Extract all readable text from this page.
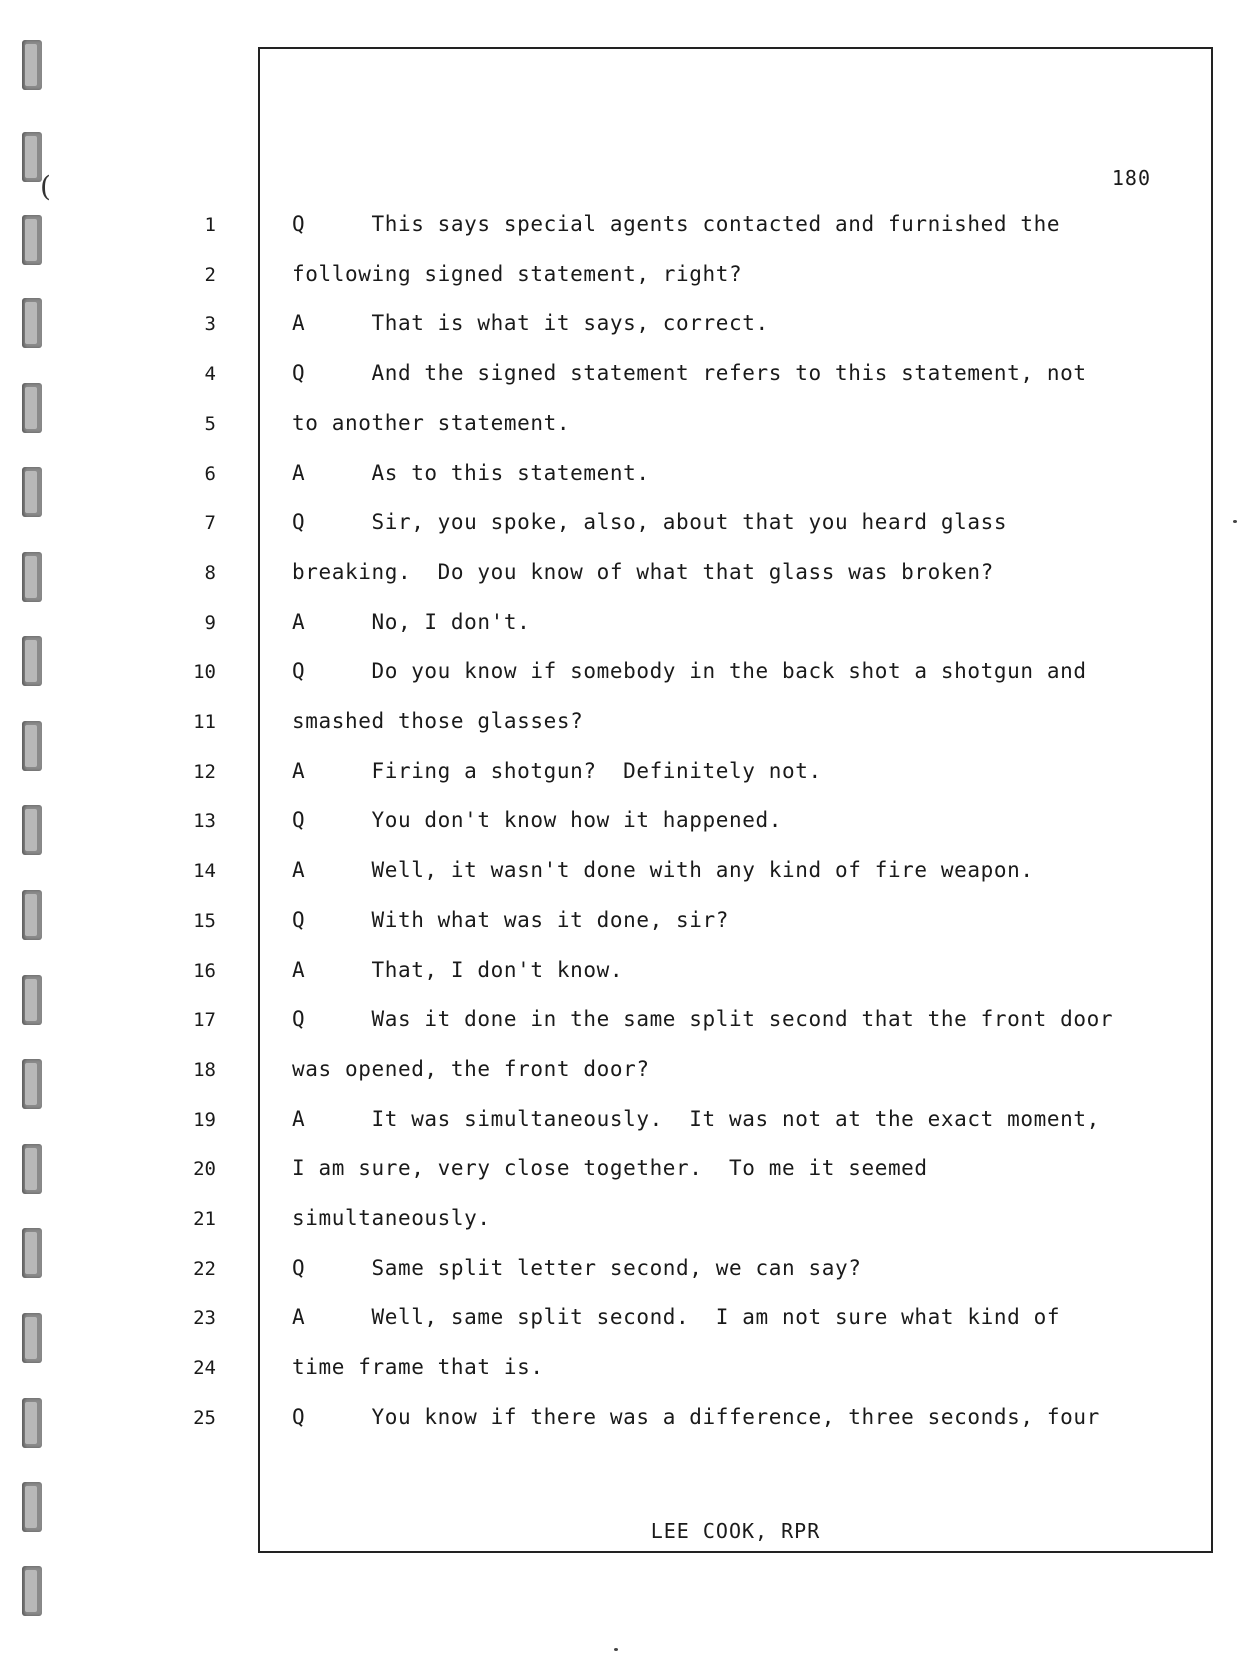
(	180
1	Q     This says special agents contacted and furnished the
2	following signed statement, right?
3	A     That is what it says, correct.
4	Q     And the signed statement refers to this statement, not
5	to another statement.
6	A     As to this statement.
7	Q     Sir, you spoke, also, about that you heard glass
8	breaking.  Do you know of what that glass was broken?
9	A     No, I don't.
10	Q     Do you know if somebody in the back shot a shotgun and
11	smashed those glasses?
12	A     Firing a shotgun?  Definitely not.
13	Q     You don't know how it happened.
14	A     Well, it wasn't done with any kind of fire weapon.
15	Q     With what was it done, sir?
16	A     That, I don't know.
17	Q     Was it done in the same split second that the front door
18	was opened, the front door?
19	A     It was simultaneously.  It was not at the exact moment,
20	I am sure, very close together.  To me it seemed
21	simultaneously.
22	Q     Same split letter second, we can say?
23	A     Well, same split second.  I am not sure what kind of
24	time frame that is.
25	Q     You know if there was a difference, three seconds, four
LEE COOK, RPR
